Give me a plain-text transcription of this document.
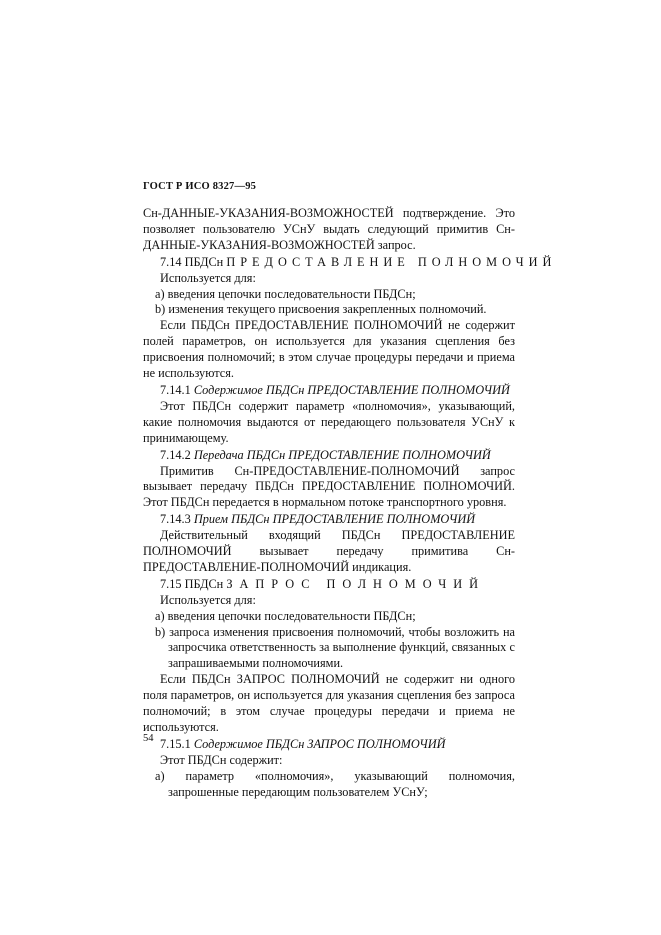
ГОСТ Р ИСО 8327—95

Сн-ДАННЫЕ-УКАЗАНИЯ-ВОЗМОЖНОСТЕЙ подтверждение. Это позволяет пользователю УСнУ выдать следующий примитив Сн-ДАННЫЕ-УКАЗАНИЯ-ВОЗМОЖНОСТЕЙ запрос.

7.14 ПБДСн ПРЕДОСТАВЛЕНИЕ ПОЛНОМОЧИЙ

Используется для:

а) введения цепочки последовательности ПБДСн;

b) изменения текущего присвоения закрепленных полномочий.

Если ПБДСн ПРЕДОСТАВЛЕНИЕ ПОЛНОМОЧИЙ не содержит полей параметров, он используется для указания сцепления без присвоения полномочий; в этом случае процедуры передачи и приема не используются.

7.14.1 Содержимое ПБДСн ПРЕДОСТАВЛЕНИЕ ПОЛНОМОЧИЙ

Этот ПБДСн содержит параметр «полномочия», указывающий, какие полномочия выдаются от передающего пользователя УСнУ к принимающему.

7.14.2 Передача ПБДСн ПРЕДОСТАВЛЕНИЕ ПОЛНОМОЧИЙ

Примитив Сн-ПРЕДОСТАВЛЕНИЕ-ПОЛНОМОЧИЙ запрос вызывает передачу ПБДСн ПРЕДОСТАВЛЕНИЕ ПОЛНОМОЧИЙ. Этот ПБДСн передается в нормальном потоке транспортного уровня.

7.14.3 Прием ПБДСн ПРЕДОСТАВЛЕНИЕ ПОЛНОМОЧИЙ

Действительный входящий ПБДСн ПРЕДОСТАВЛЕНИЕ ПОЛНОМОЧИЙ вызывает передачу примитива Сн-ПРЕДОСТАВЛЕНИЕ-ПОЛНОМОЧИЙ индикация.

7.15 ПБДСн ЗАПРОС ПОЛНОМОЧИЙ

Используется для:

а) введения цепочки последовательности ПБДСн;

b) запроса изменения присвоения полномочий, чтобы возложить на запросчика ответственность за выполнение функций, связанных с запрашиваемыми полномочиями.

Если ПБДСн ЗАПРОС ПОЛНОМОЧИЙ не содержит ни одного поля параметров, он используется для указания сцепления без запроса полномочий; в этом случае процедуры передачи и приема не используются.

7.15.1 Содержимое ПБДСн ЗАПРОС ПОЛНОМОЧИЙ

Этот ПБДСн содержит:

а) параметр «полномочия», указывающий полномочия, запрошенные передающим пользователем УСнУ;

54
